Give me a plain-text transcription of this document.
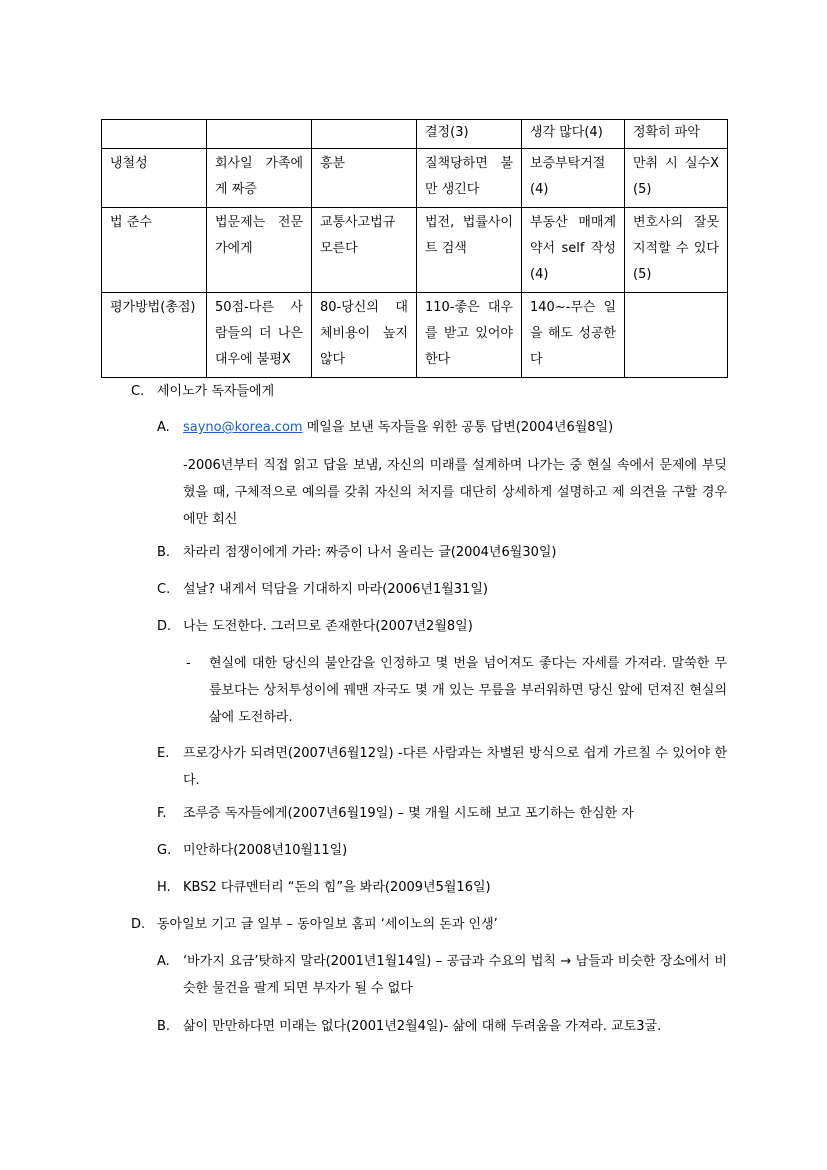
			결정(3)	생각 많다(4)	정확히 파악
냉철성	회사일 가족에게 짜증	흥분	질책당하면 불만 생긴다	보증부탁거절(4)	만취 시 실수X(5)
법 준수	법문제는 전문가에게	교통사고법규 모른다	법전, 법률사이트 검색	부동산 매매계약서 self 작성(4)	변호사의 잘못 지적할 수 있다(5)
평가방법(총점)	50점-다른 사람들의 더 나은 대우에 불평X	80-당신의 대체비용이 높지 않다	110-좋은 대우를 받고 있어야 한다	140~-무슨 일을 해도 성공한다	
C. 세이노가 독자들에게
A. sayno@korea.com 메일을 보낸 독자들을 위한 공통 답변(2004년6월8일)
-2006년부터 직접 읽고 답을 보냄, 자신의 미래를 설계하며 나가는 중 현실 속에서 문제에 부딪혔을 때, 구체적으로 예의를 갖춰 자신의 처지를 대단히 상세하게 설명하고 제 의견을 구할 경우에만 회신
B. 차라리 점쟁이에게 가라: 짜증이 나서 올리는 글(2004년6월30일)
C. 설날? 내게서 덕담을 기대하지 마라(2006년1월31일)
D. 나는 도전한다. 그러므로 존재한다(2007년2월8일)
- 현실에 대한 당신의 불안감을 인정하고 몇 번을 넘어져도 좋다는 자세를 가져라. 말쑥한 무릎보다는 상처투성이에 꿰맨 자국도 몇 개 있는 무릎을 부러워하면 당신 앞에 던져진 현실의 삶에 도전하라.
E. 프로강사가 되려면(2007년6월12일) -다른 사람과는 차별된 방식으로 쉽게 가르칠 수 있어야 한다.
F. 조루증 독자들에게(2007년6월19일) – 몇 개월 시도해 보고 포기하는 한심한 자
G. 미안하다(2008년10월11일)
H. KBS2 다큐멘터리 “돈의 힘”을 봐라(2009년5월16일)
D. 동아일보 기고 글 일부 – 동아일보 홈피 ‘세이노의 돈과 인생’
A. ‘바가지 요금’탓하지 말라(2001년1월14일) – 공급과 수요의 법칙 → 남들과 비슷한 장소에서 비슷한 물건을 팔게 되면 부자가 될 수 없다
B. 삶이 만만하다면 미래는 없다(2001년2월4일)- 삶에 대해 두려움을 가져라. 교토3굴.
